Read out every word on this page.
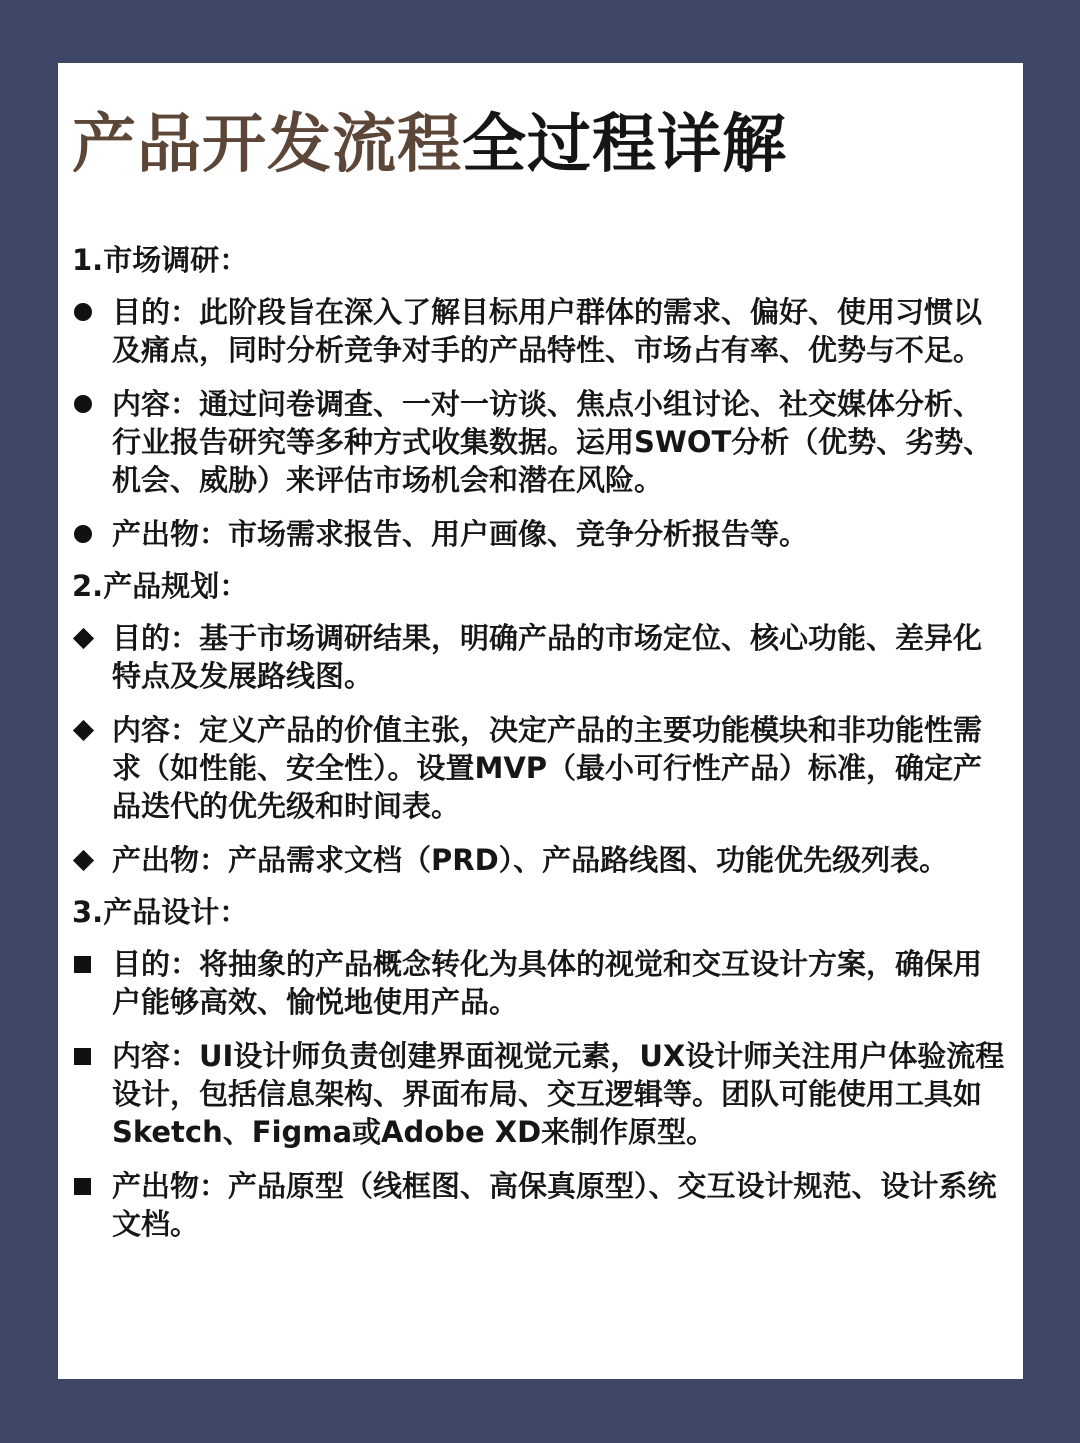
产品开发流程全过程详解
1.市场调研：
目的：此阶段旨在深入了解目标用户群体的需求、偏好、使用习惯以及痛点，同时分析竞争对手的产品特性、市场占有率、优势与不足。
内容：通过问卷调查、一对一访谈、焦点小组讨论、社交媒体分析、行业报告研究等多种方式收集数据。运用SWOT分析（优势、劣势、机会、威胁）来评估市场机会和潜在风险。
产出物：市场需求报告、用户画像、竞争分析报告等。
2.产品规划：
目的：基于市场调研结果，明确产品的市场定位、核心功能、差异化特点及发展路线图。
内容：定义产品的价值主张，决定产品的主要功能模块和非功能性需求（如性能、安全性）。设置MVP（最小可行性产品）标准，确定产品迭代的优先级和时间表。
产出物：产品需求文档（PRD）、产品路线图、功能优先级列表。
3.产品设计：
目的：将抽象的产品概念转化为具体的视觉和交互设计方案，确保用户能够高效、愉悦地使用产品。
内容：UI设计师负责创建界面视觉元素，UX设计师关注用户体验流程设计，包括信息架构、界面布局、交互逻辑等。团队可能使用工具如Sketch、Figma或Adobe XD来制作原型。
产出物：产品原型（线框图、高保真原型）、交互设计规范、设计系统文档。
